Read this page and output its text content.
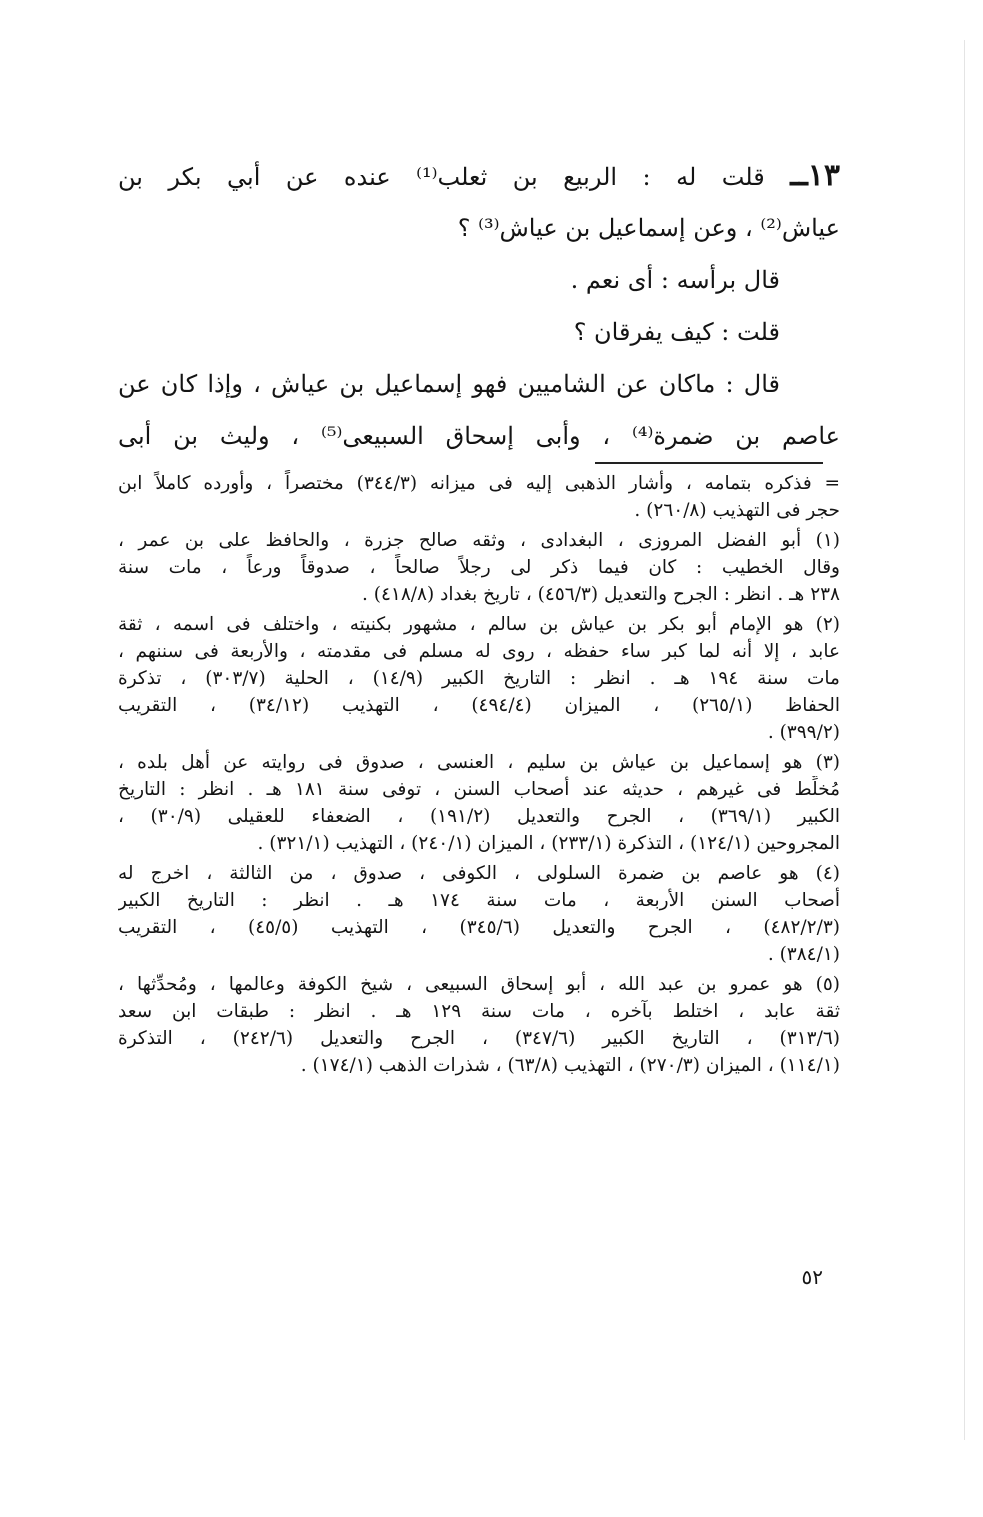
١٣ــ قلت له : الربيع بن ثعلب⁽¹⁾ عنده عن أبي بكر بن
عياش⁽²⁾ ، وعن إسماعيل بن عياش⁽³⁾ ؟
قال برأسه : أى نعم .
قلت : كيف يفرقان ؟
قال : ماكان عن الشاميين فهو إسماعيل بن عياش ، وإذا كان عن
عاصم بن ضمرة⁽⁴⁾ ، وأبى إسحاق السبيعى⁽⁵⁾ ، وليث بن أبى
= فذكره بتمامه ، وأشار الذهبى إليه فى ميزانه (٣٤٤/٣) مختصراً ، وأورده كاملاً ابن
حجر فى التهذيب (٢٦٠/٨) .
(١) أبو الفضل المروزى ، البغدادى ، وثقه صالح جزرة ، والحافظ على بن عمر ،
وقال الخطيب : كان فيما ذكر لى رجلاً صالحاً ، صدوقاً ورعاً ، مات سنة
٢٣٨ هـ . انظر : الجرح والتعديل (٤٥٦/٣) ، تاريخ بغداد (٤١٨/٨) .
(٢) هو الإمام أبو بكر بن عياش بن سالم ، مشهور بكنيته ، واختلف فى اسمه ، ثقة
عابد ، إلا أنه لما كبر ساء حفظه ، روى له مسلم فى مقدمته ، والأربعة فى سننهم ،
مات سنة ١٩٤ هـ . انظر : التاريخ الكبير (١٤/٩) ، الحلية (٣٠٣/٧) ، تذكرة
الحفاظ (٢٦٥/١) ، الميزان (٤٩٤/٤) ، التهذيب (٣٤/١٢) ، التقريب
(٣٩٩/٢) .
(٣) هو إسماعيل بن عياش بن سليم ، العنسى ، صدوق فى روايته عن أهل بلده ،
مُخلِّط فى غيرهم ، حديثه عند أصحاب السنن ، توفى سنة ١٨١ هـ . انظر : التاريخ
الكبير (٣٦٩/١) ، الجرح والتعديل (١٩١/٢) ، الضعفاء للعقيلى (٣٠/٩) ،
المجروحين (١٢٤/١) ، التذكرة (٢٣٣/١) ، الميزان (٢٤٠/١) ، التهذيب (٣٢١/١) .
(٤) هو عاصم بن ضمرة السلولى ، الكوفى ، صدوق ، من الثالثة ، اخرج له
أصحاب السنن الأربعة ، مات سنة ١٧٤ هـ . انظر : التاريخ الكبير
(٤٨٢/٢/٣) ، الجرح والتعديل (٣٤٥/٦) ، التهذيب (٤٥/٥) ، التقريب
(٣٨٤/١) .
(٥) هو عمرو بن عبد الله ، أبو إسحاق السبيعى ، شيخ الكوفة وعالمها ، ومُحدِّثها ،
ثقة عابد ، اختلط بآخره ، مات سنة ١٢٩ هـ . انظر : طبقات ابن سعد
(٣١٣/٦) ، التاريخ الكبير (٣٤٧/٦) ، الجرح والتعديل (٢٤٢/٦) ، التذكرة
(١١٤/١) ، الميزان (٢٧٠/٣) ، التهذيب (٦٣/٨) ، شذرات الذهب (١٧٤/١) .
٥٢
